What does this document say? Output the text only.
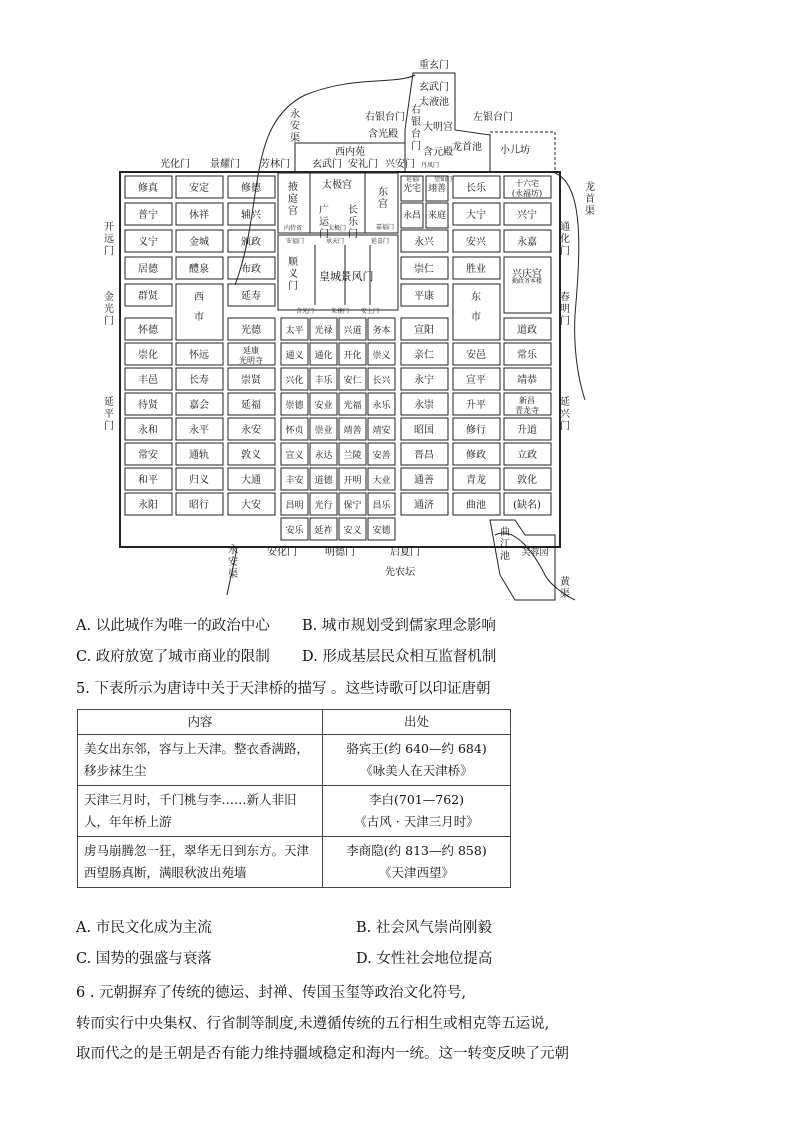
重玄门
玄武门
太液池
右银台门	左银台门
含光殿
大明宫
西内苑
右
银
台
门
含元殿 龙首池 小儿坊
光化门 景耀门 芳林门 玄武门 安礼门 兴安门
开
远
门
金
光
门
延
平
门
通
化
门
春
明
门
延
兴
门
安化门	明德门	启夏门
永
安
渠
龙
首
渠
黄
渠
永
安
渠
修真
普宁
义宁
居德
群贤
怀德
崇化
丰邑
待贤
永和
常安
和平
永阳
安定
休祥
金城
醴泉
西
市
怀远
长寿
嘉会
永平
通轨
归义
昭行
修德
辅兴
颁政
布政
延寿
光德
延康
光明寺
崇贤
延福
永安
敦义
大通
大安
掖
庭
宫
太极宫
广
运
门
长
乐
门
东
宫
顺
义
门
皇城 景风门
延福门 望仙门
丹凤门
安福门	承天门	延喜门
含光门	朱雀门 安上门
嘉福门
内侍省	太极门
勤政务本楼
太平
通义
兴化
崇德
怀贞
宣义
丰安
昌明
安乐
光禄
通化
丰乐
安业
崇业
永达
道德
光行
延祚
兴道
开化
安仁
光福
靖善
兰陵
开明
保宁
安义
务本
崇义
长兴
永乐
靖安
安善
大业
昌乐
安德
光宅
永昌
永兴
崇仁
平康
宣阳
亲仁
永宁
永崇
昭国
晋昌
通善
通济
翊善
来庭
长乐
大宁
安兴
胜业
东
市
安邑
宣平
升平
修行
修政
青龙
曲池
十六宅
(永福坊)
兴宁
永嘉
兴庆宫
道政
常乐
靖恭
新昌
青龙寺
升道
立政
敦化
(缺名)
曲
江
池 芙蓉园
先农坛
A. 以此城作为唯一的政治中心 B. 城市规划受到儒家理念影响
C. 政府放宽了城市商业的限制 D. 形成基层民众相互监督机制
5. 下表所示为唐诗中关于天津桥的描写 。这些诗歌可以印证唐朝
内容	出处
美女出东邻，容与上天津。整衣香满路，移步袜生尘	骆宾王(约 640—约 684)
《咏美人在天津桥》

天津三月时，千门桃与李……新人非旧人，年年桥上游	李白(701—762)
《古风 · 天津三月时》

虏马崩腾忽一狂，翠华无日到东方。天津西望肠真断，满眼秋波出苑墙	李商隐(约 813—约 858)
《天津西望》
A. 市民文化成为主流	B. 社会风气崇尚刚毅
C. 国势的强盛与衰落	D. 女性社会地位提高
6 . 元朝摒弃了传统的德运、封禅、传国玉玺等政治文化符号,
转而实行中央集权、行省制等制度,未遵循传统的五行相生或相克等五运说,
取而代之的是王朝是否有能力维持疆域稳定和海内一统。这一转变反映了元朝
